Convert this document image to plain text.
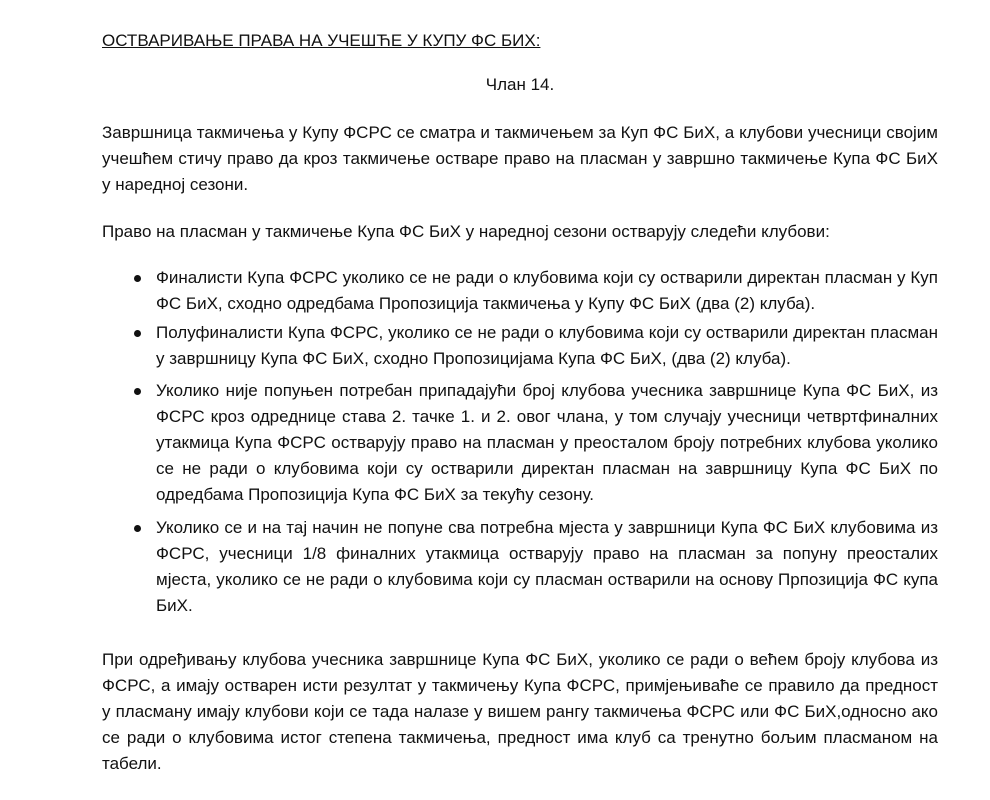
ОСТВАРИВАЊЕ ПРАВА НА УЧЕШЋЕ У КУПУ ФС БИХ:
Члан 14.

Завршница такмичења у Купу ФСРС се сматра и такмичењем за Куп ФС БиХ, а клубови учесници својим учешћем стичу право да кроз такмичење остваре право на пласман у завршно такмичење Купа ФС БиХ у наредној сезони.

Право на пласман у такмичење Купа ФС БиХ у наредној сезони остварују следећи клубови:

Финалисти Купа ФСРС уколико се не ради о клубовима који су остварили директан пласман у Куп ФС БиХ, сходно одредбама Пропозиција такмичења у Купу ФС БиХ (два (2) клуба).
Полуфиналисти Купа ФСРС, уколико се не ради о клубовима који су остварили директан пласман у завршницу Купа ФС БиХ, сходно Пропозицијама Купа ФС БиХ, (два (2) клуба).
Уколико није попуњен потребан припадајући број клубова учесника завршнице Купа ФС БиХ, из ФСРС кроз одреднице става 2. тачке 1. и 2. овог члана, у том случају учесници четвртфиналних утакмица Купа ФСРС остварују право на пласман у преосталом броју потребних клубова уколико се не ради о клубовима који су остварили директан пласман на завршницу Купа ФС БиХ по одредбама Пропозиција Купа ФС БиХ за текућу сезону.
Уколико се и на тај начин не попуне сва потребна мјеста у завршници Купа ФС БиХ клубовима из ФСРС, учесници 1/8 финалних утакмица остварују право на пласман за попуну преосталих мјеста, уколико се не ради о клубовима који су пласман остварили на основу Прпозиција ФС купа БиХ.

При одређивању клубова учесника завршнице Купа ФС БиХ, уколико се ради о већем броју клубова из ФСРС, а имају остварен исти резултат у такмичењу Купа ФСРС, примјењиваће се правило да предност у пласману имају клубови који се тада налазе у вишем рангу такмичења ФСРС или ФС БиХ,односно ако се ради о клубовима истог степена такмичења, предност има клуб са тренутно бољим пласманом на табели.
